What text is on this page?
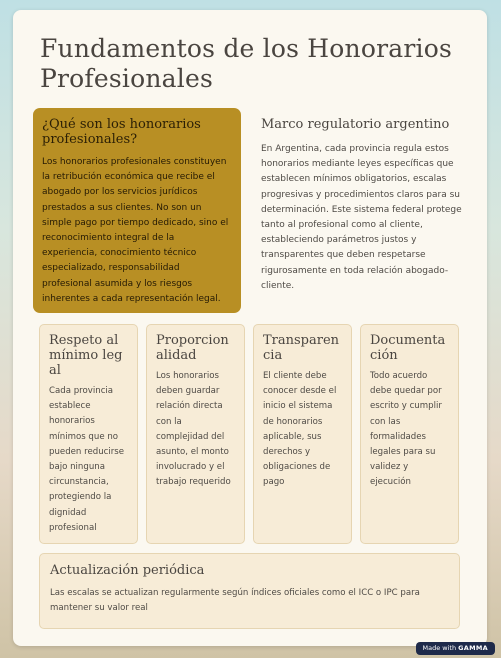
Fundamentos de los Honorarios Profesionales
¿Qué son los honorarios profesionales?

Los honorarios profesionales constituyen la retribución económica que recibe el abogado por los servicios jurídicos prestados a sus clientes. No son un simple pago por tiempo dedicado, sino el reconocimiento integral de la experiencia, conocimiento técnico especializado, responsabilidad profesional asumida y los riesgos inherentes a cada representación legal.

Marco regulatorio argentino

En Argentina, cada provincia regula estos honorarios mediante leyes específicas que establecen mínimos obligatorios, escalas progresivas y procedimientos claros para su determinación. Este sistema federal protege tanto al profesional como al cliente, estableciendo parámetros justos y transparentes que deben respetarse rigurosamente en toda relación abogado-cliente.

Respeto al mínimo legal

Cada provincia establece honorarios mínimos que no pueden reducirse bajo ninguna circunstancia, protegiendo la dignidad profesional

Proporcionalidad

Los honorarios deben guardar relación directa con la complejidad del asunto, el monto involucrado y el trabajo requerido

Transparencia

El cliente debe conocer desde el inicio el sistema de honorarios aplicable, sus derechos y obligaciones de pago

Documentación

Todo acuerdo debe quedar por escrito y cumplir con las formalidades legales para su validez y ejecución

Actualización periódica

Las escalas se actualizan regularmente según índices oficiales como el ICC o IPC para mantener su valor real

Made with GAMMA
